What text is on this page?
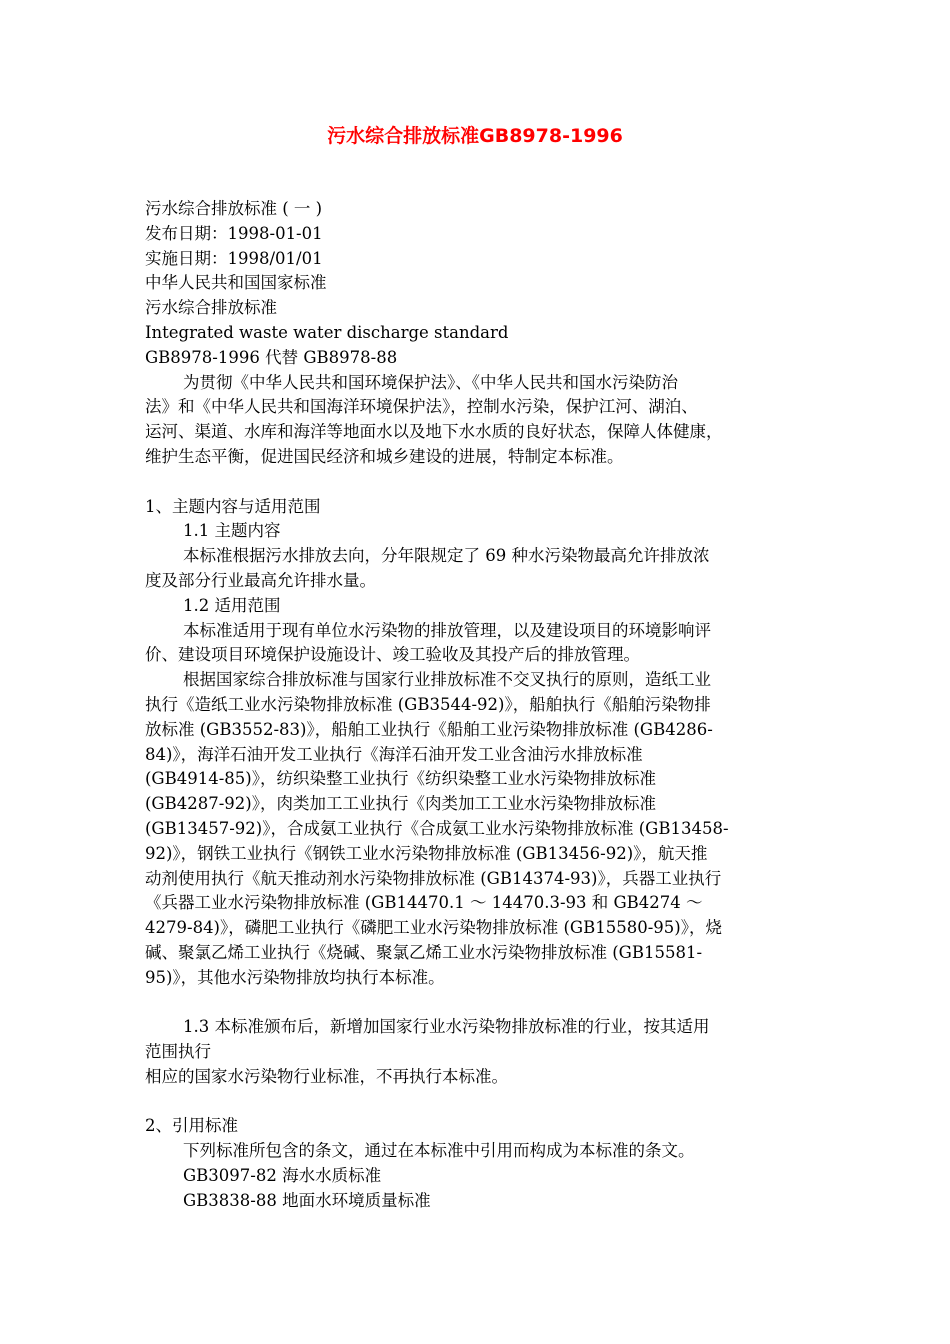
污水综合排放标准GB8978-1996
污水综合排放标准 ( 一 )
发布日期：1998-01-01
实施日期：1998/01/01
中华人民共和国国家标准
污水综合排放标准
Integrated waste water discharge standard
GB8978-1996 代替 GB8978-88
为贯彻《中华人民共和国环境保护法》、《中华人民共和国水污染防治
法》和《中华人民共和国海洋环境保护法》，控制水污染，保护江河、湖泊、
运河、渠道、水库和海洋等地面水以及地下水水质的良好状态，保障人体健康，
维护生态平衡，促进国民经济和城乡建设的进展，特制定本标准。
1、主题内容与适用范围
1.1 主题内容
本标准根据污水排放去向，分年限规定了 69 种水污染物最高允许排放浓
度及部分行业最高允许排水量。
1.2 适用范围
本标准适用于现有单位水污染物的排放管理，以及建设项目的环境影响评
价、建设项目环境保护设施设计、竣工验收及其投产后的排放管理。
根据国家综合排放标准与国家行业排放标准不交叉执行的原则，造纸工业
执行《造纸工业水污染物排放标准 (GB3544-92)》，船舶执行《船舶污染物排
放标准 (GB3552-83)》，船舶工业执行《船舶工业污染物排放标准 (GB4286-
84)》，海洋石油开发工业执行《海洋石油开发工业含油污水排放标准
(GB4914-85)》，纺织染整工业执行《纺织染整工业水污染物排放标准
(GB4287-92)》，肉类加工工业执行《肉类加工工业水污染物排放标准
(GB13457-92)》，合成氨工业执行《合成氨工业水污染物排放标准 (GB13458-
92)》，钢铁工业执行《钢铁工业水污染物排放标准 (GB13456-92)》，航天推
动剂使用执行《航天推动剂水污染物排放标准 (GB14374-93)》，兵器工业执行
《兵器工业水污染物排放标准 (GB14470.1 ～ 14470.3-93 和 GB4274 ～
4279-84)》，磷肥工业执行《磷肥工业水污染物排放标准 (GB15580-95)》，烧
碱、聚氯乙烯工业执行《烧碱、聚氯乙烯工业水污染物排放标准 (GB15581-
95)》，其他水污染物排放均执行本标准。
1.3 本标准颁布后，新增加国家行业水污染物排放标准的行业，按其适用
范围执行
相应的国家水污染物行业标准，不再执行本标准。
2、引用标准
下列标准所包含的条文，通过在本标准中引用而构成为本标准的条文。
GB3097-82 海水水质标准
GB3838-88 地面水环境质量标准
